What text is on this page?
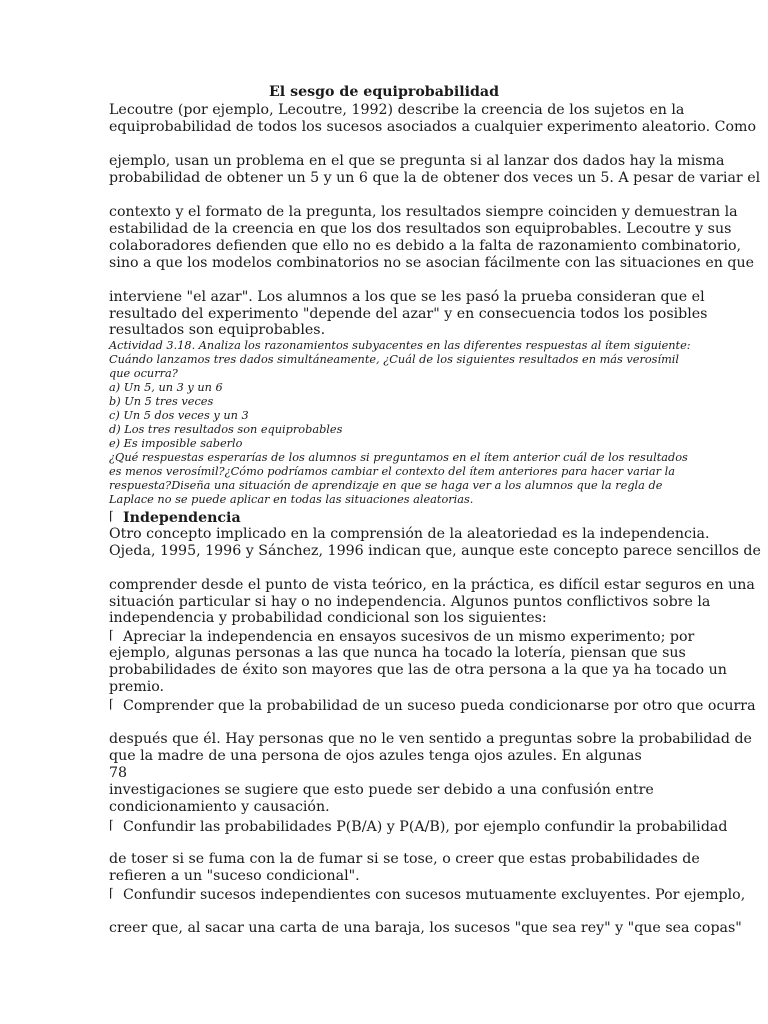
El sesgo de equiprobabilidad
Lecoutre (por ejemplo, Lecoutre, 1992) describe la creencia de los sujetos en la
equiprobabilidad de todos los sucesos asociados a cualquier experimento aleatorio. Como
ejemplo, usan un problema en el que se pregunta si al lanzar dos dados hay la misma
probabilidad de obtener un 5 y un 6 que la de obtener dos veces un 5. A pesar de variar el
contexto y el formato de la pregunta, los resultados siempre coinciden y demuestran la
estabilidad de la creencia en que los dos resultados son equiprobables. Lecoutre y sus
colaboradores defienden que ello no es debido a la falta de razonamiento combinatorio,
sino a que los modelos combinatorios no se asocian fácilmente con las situaciones en que
interviene "el azar". Los alumnos a los que se les pasó la prueba consideran que el
resultado del experimento "depende del azar" y en consecuencia todos los posibles
resultados son equiprobables.
Actividad 3.18. Analiza los razonamientos subyacentes en las diferentes respuestas al ítem siguiente:
Cuándo lanzamos tres dados simultáneamente, ¿Cuál de los siguientes resultados en más verosímil
que ocurra?
a) Un 5, un 3 y un 6
b) Un 5 tres veces
c) Un 5 dos veces y un 3
d) Los tres resultados son equiprobables
e) Es imposible saberlo
¿Qué respuestas esperarías de los alumnos si preguntamos en el ítem anterior cuál de los resultados
es menos verosímil?¿Cómo podríamos cambiar el contexto del ítem anteriores para hacer variar la
respuesta?Diseña una situación de aprendizaje en que se haga ver a los alumnos que la regla de
Laplace no se puede aplicar en todas las situaciones aleatorias.
⌈ Independencia
Otro concepto implicado en la comprensión de la aleatoriedad es la independencia.
Ojeda, 1995, 1996 y Sánchez, 1996 indican que, aunque este concepto parece sencillos de
comprender desde el punto de vista teórico, en la práctica, es difícil estar seguros en una
situación particular si hay o no independencia. Algunos puntos conflictivos sobre la
independencia y probabilidad condicional son los siguientes:
⌈ Apreciar la independencia en ensayos sucesivos de un mismo experimento; por
ejemplo, algunas personas a las que nunca ha tocado la lotería, piensan que sus
probabilidades de éxito son mayores que las de otra persona a la que ya ha tocado un
premio.
⌈ Comprender que la probabilidad de un suceso pueda condicionarse por otro que ocurra
después que él. Hay personas que no le ven sentido a preguntas sobre la probabilidad de
que la madre de una persona de ojos azules tenga ojos azules. En algunas
78
investigaciones se sugiere que esto puede ser debido a una confusión entre
condicionamiento y causación.
⌈ Confundir las probabilidades P(B/A) y P(A/B), por ejemplo confundir la probabilidad
de toser si se fuma con la de fumar si se tose, o creer que estas probabilidades de
refieren a un "suceso condicional".
⌈ Confundir sucesos independientes con sucesos mutuamente excluyentes. Por ejemplo,
creer que, al sacar una carta de una baraja, los sucesos "que sea rey" y "que sea copas"
